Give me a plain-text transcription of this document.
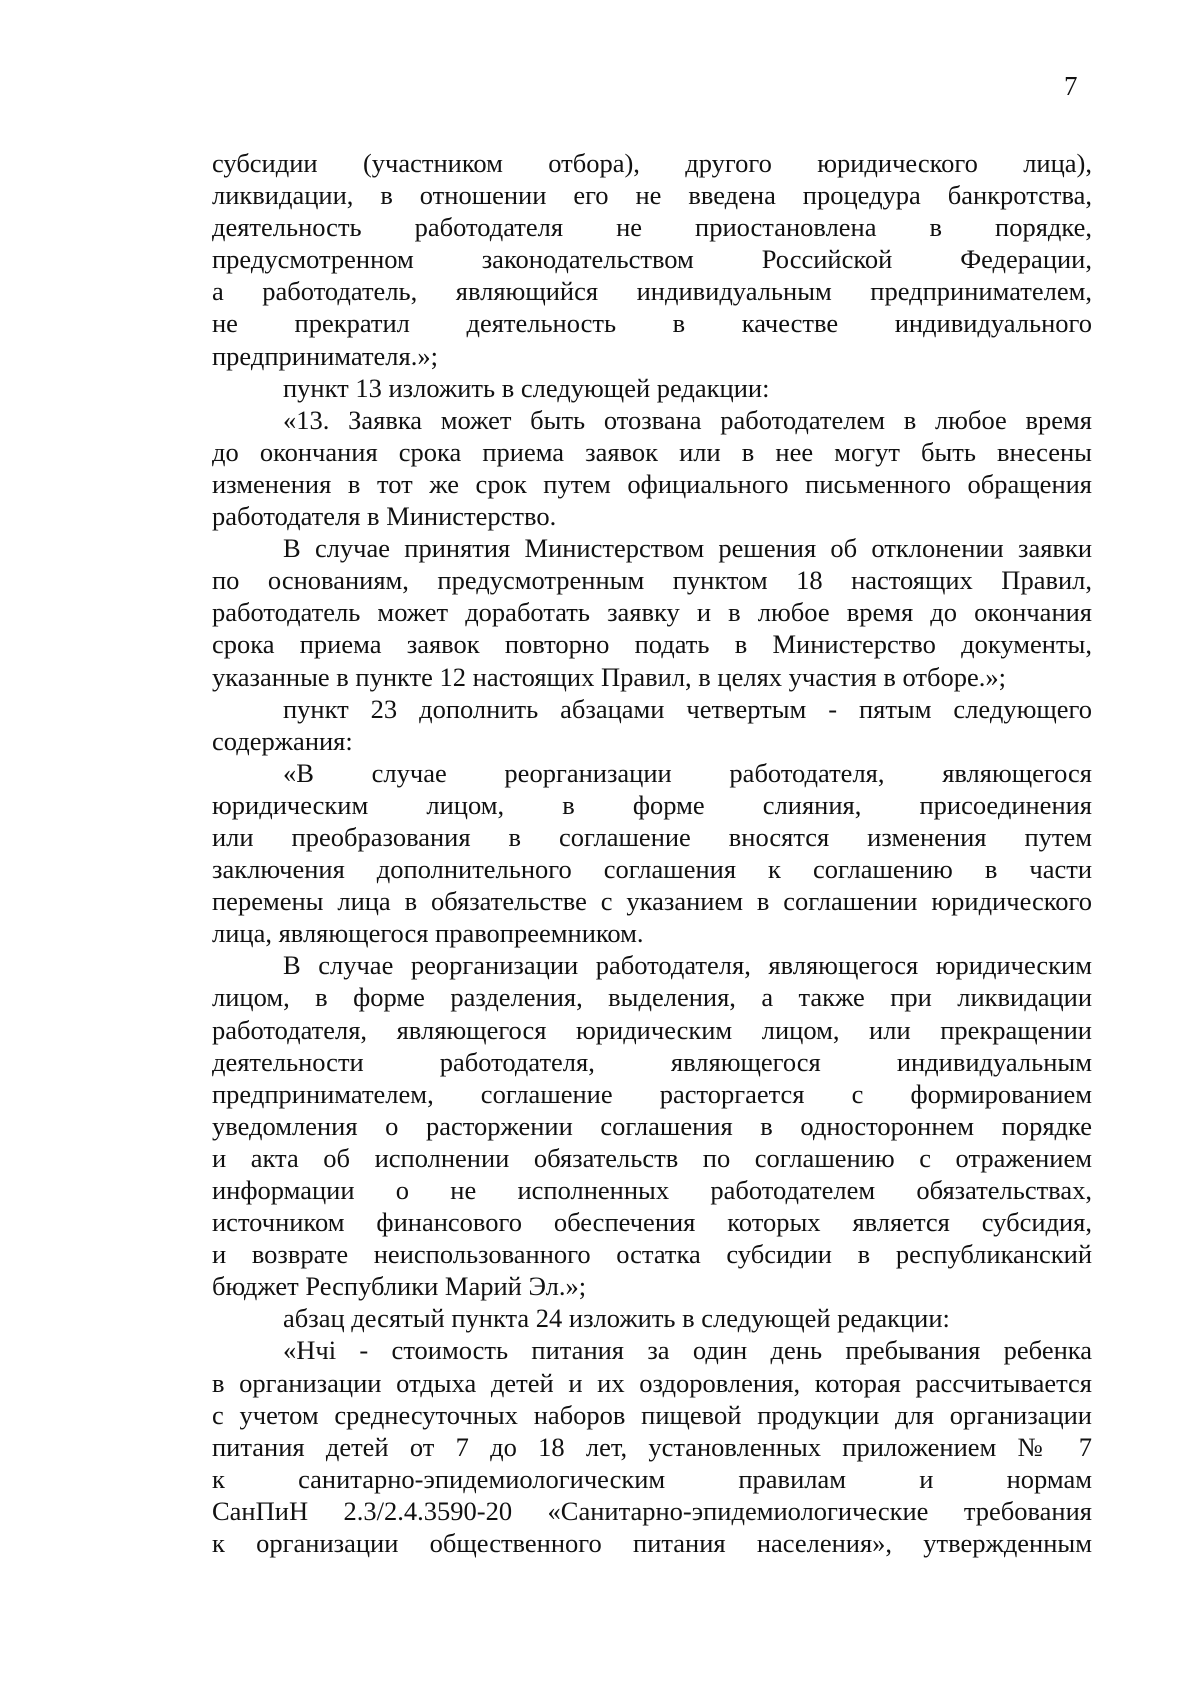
7
субсидии (участником отбора), другого юридического лица),
ликвидации, в отношении его не введена процедура банкротства,
деятельность работодателя не приостановлена в порядке,
предусмотренном законодательством Российской Федерации,
а работодатель, являющийся индивидуальным предпринимателем,
не прекратил деятельность в качестве индивидуального
предпринимателя.»;
пункт 13 изложить в следующей редакции:
«13. Заявка может быть отозвана работодателем в любое время
до окончания срока приема заявок или в нее могут быть внесены
изменения в тот же срок путем официального письменного обращения
работодателя в Министерство.
В случае принятия Министерством решения об отклонении заявки
по основаниям, предусмотренным пунктом 18 настоящих Правил,
работодатель может доработать заявку и в любое время до окончания
срока приема заявок повторно подать в Министерство документы,
указанные в пункте 12 настоящих Правил, в целях участия в отборе.»;
пункт 23 дополнить абзацами четвертым - пятым следующего
содержания:
«В случае реорганизации работодателя, являющегося
юридическим лицом, в форме слияния, присоединения
или преобразования в соглашение вносятся изменения путем
заключения дополнительного соглашения к соглашению в части
перемены лица в обязательстве с указанием в соглашении юридического
лица, являющегося правопреемником.
В случае реорганизации работодателя, являющегося юридическим
лицом, в форме разделения, выделения, а также при ликвидации
работодателя, являющегося юридическим лицом, или прекращении
деятельности работодателя, являющегося индивидуальным
предпринимателем, соглашение расторгается с формированием
уведомления о расторжении соглашения в одностороннем порядке
и акта об исполнении обязательств по соглашению с отражением
информации о не исполненных работодателем обязательствах,
источником финансового обеспечения которых является субсидия,
и возврате неиспользованного остатка субсидии в республиканский
бюджет Республики Марий Эл.»;
абзац десятый пункта 24 изложить в следующей редакции:
«Нчі - стоимость питания за один день пребывания ребенка
в организации отдыха детей и их оздоровления, которая рассчитывается
с учетом среднесуточных наборов пищевой продукции для организации
питания детей от 7 до 18 лет, установленных приложением № 7
к санитарно-эпидемиологическим правилам и нормам
СанПиН 2.3/2.4.3590-20 «Санитарно-эпидемиологические требования
к организации общественного питания населения», утвержденным
